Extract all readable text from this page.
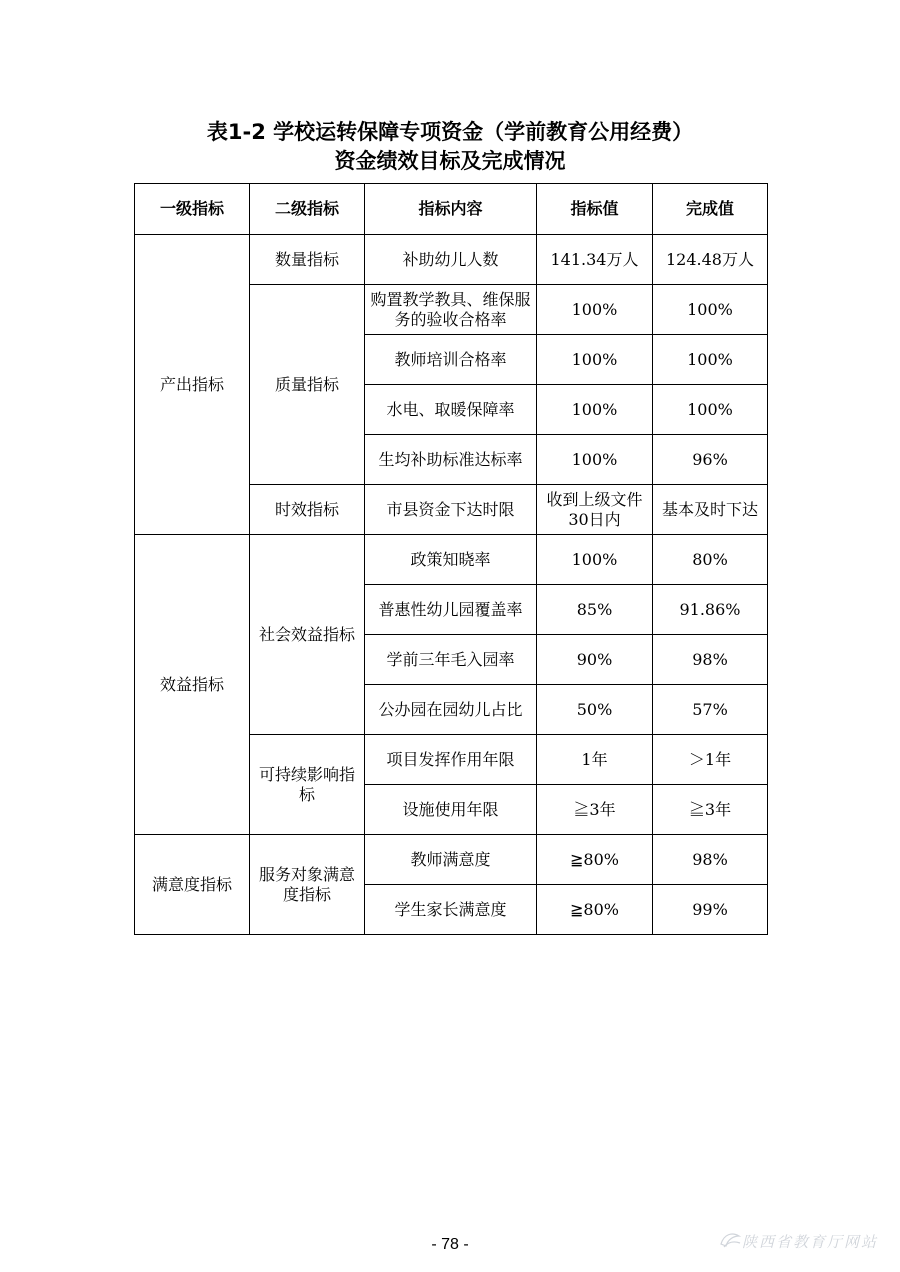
表1-2 学校运转保障专项资金（学前教育公用经费）
资金绩效目标及完成情况
一级指标	二级指标	指标内容	指标值	完成值
产出指标	数量指标	补助幼儿人数	141.34万人	124.48万人
	质量指标	购置教学教具、维保服务的验收合格率	100%	100%
		教师培训合格率	100%	100%
		水电、取暖保障率	100%	100%
		生均补助标准达标率	100%	96%
	时效指标	市县资金下达时限	收到上级文件30日内	基本及时下达
效益指标	社会效益指标	政策知晓率	100%	80%
		普惠性幼儿园覆盖率	85%	91.86%
		学前三年毛入园率	90%	98%
		公办园在园幼儿占比	50%	57%
	可持续影响指标	项目发挥作用年限	1年	＞1年
		设施使用年限	≧3年	≧3年
满意度指标	服务对象满意度指标	教师满意度	≧80%	98%
		学生家长满意度	≧80%	99%
- 78 -	陕西省教育厅网站
